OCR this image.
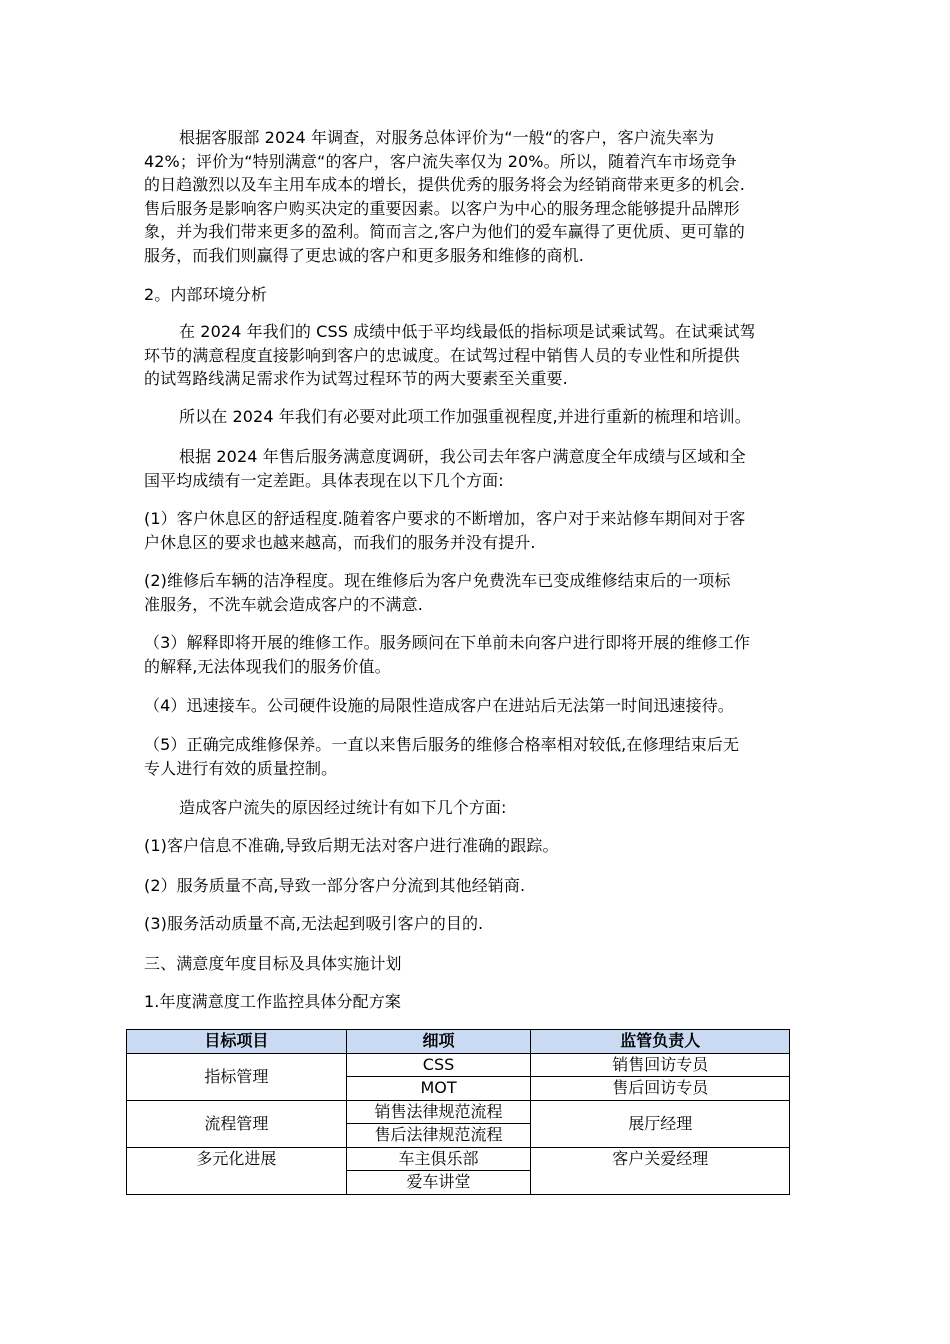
根据客服部 2024 年调查，对服务总体评价为“一般“的客户，客户流失率为
42%；评价为“特别满意“的客户，客户流失率仅为 20%。所以，随着汽车市场竞争
的日趋激烈以及车主用车成本的增长，提供优秀的服务将会为经销商带来更多的机会.
售后服务是影响客户购买决定的重要因素。以客户为中心的服务理念能够提升品牌形
象，并为我们带来更多的盈利。简而言之,客户为他们的爱车赢得了更优质、更可靠的
服务，而我们则赢得了更忠诚的客户和更多服务和维修的商机.
2。内部环境分析
在 2024 年我们的 CSS 成绩中低于平均线最低的指标项是试乘试驾。在试乘试驾
环节的满意程度直接影响到客户的忠诚度。在试驾过程中销售人员的专业性和所提供
的试驾路线满足需求作为试驾过程环节的两大要素至关重要.
所以在 2024 年我们有必要对此项工作加强重视程度,并进行重新的梳理和培训。
根据 2024 年售后服务满意度调研，我公司去年客户满意度全年成绩与区域和全
国平均成绩有一定差距。具体表现在以下几个方面:
(1）客户休息区的舒适程度.随着客户要求的不断增加，客户对于来站修车期间对于客
户休息区的要求也越来越高，而我们的服务并没有提升.
(2)维修后车辆的洁净程度。现在维修后为客户免费洗车已变成维修结束后的一项标
准服务，不洗车就会造成客户的不满意.
（3）解释即将开展的维修工作。服务顾问在下单前未向客户进行即将开展的维修工作
的解释,无法体现我们的服务价值。
（4）迅速接车。公司硬件设施的局限性造成客户在进站后无法第一时间迅速接待。
（5）正确完成维修保养。一直以来售后服务的维修合格率相对较低,在修理结束后无
专人进行有效的质量控制。
造成客户流失的原因经过统计有如下几个方面:
(1)客户信息不准确,导致后期无法对客户进行准确的跟踪。
(2）服务质量不高,导致一部分客户分流到其他经销商.
(3)服务活动质量不高,无法起到吸引客户的目的.
三、满意度年度目标及具体实施计划
1.年度满意度工作监控具体分配方案
目标项目	细项	监管负责人
指标管理	CSS	销售回访专员
	MOT	售后回访专员
流程管理	销售法律规范流程	展厅经理
	售后法律规范流程	
多元化进展	车主俱乐部	客户关爱经理
	爱车讲堂	
